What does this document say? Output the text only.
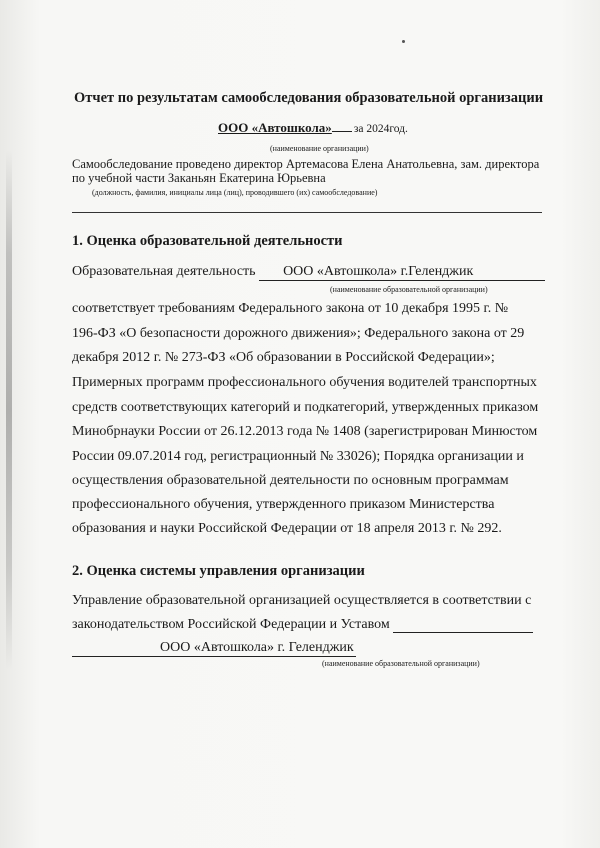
Отчет по результатам самообследования образовательной организации
ООО «Автошкола» за 2024год.
(наименование организации)
Самообследование проведено директор Артемасова Елена Анатольевна, зам. директора по учебной части Заканьян Екатерина Юрьевна
(должность, фамилия, инициалы лица (лиц), проводившего (их) самообследование)
1. Оценка образовательной деятельности
Образовательная деятельность ООО «Автошкола» г.Геленджик
(наименование образовательной организации)
соответствует требованиям Федерального закона от 10 декабря 1995 г. №
196-ФЗ «О безопасности дорожного движения»; Федерального закона от 29
декабря 2012 г. № 273-ФЗ «Об образовании в Российской Федерации»;
Примерных программ профессионального обучения водителей транспортных
средств соответствующих категорий и подкатегорий, утвержденных приказом
Минобрнауки России от 26.12.2013 года № 1408 (зарегистрирован Минюстом
России 09.07.2014 год, регистрационный № 33026); Порядка организации и
осуществления образовательной деятельности по основным программам
профессионального обучения, утвержденного приказом Министерства
образования и науки Российской Федерации от 18 апреля 2013 г. № 292.
2. Оценка системы управления организации
Управление образовательной организацией осуществляется в соответствии с
законодательством Российской Федерации и Уставом
ООО «Автошкола» г. Геленджик
(наименование образовательной организации)
